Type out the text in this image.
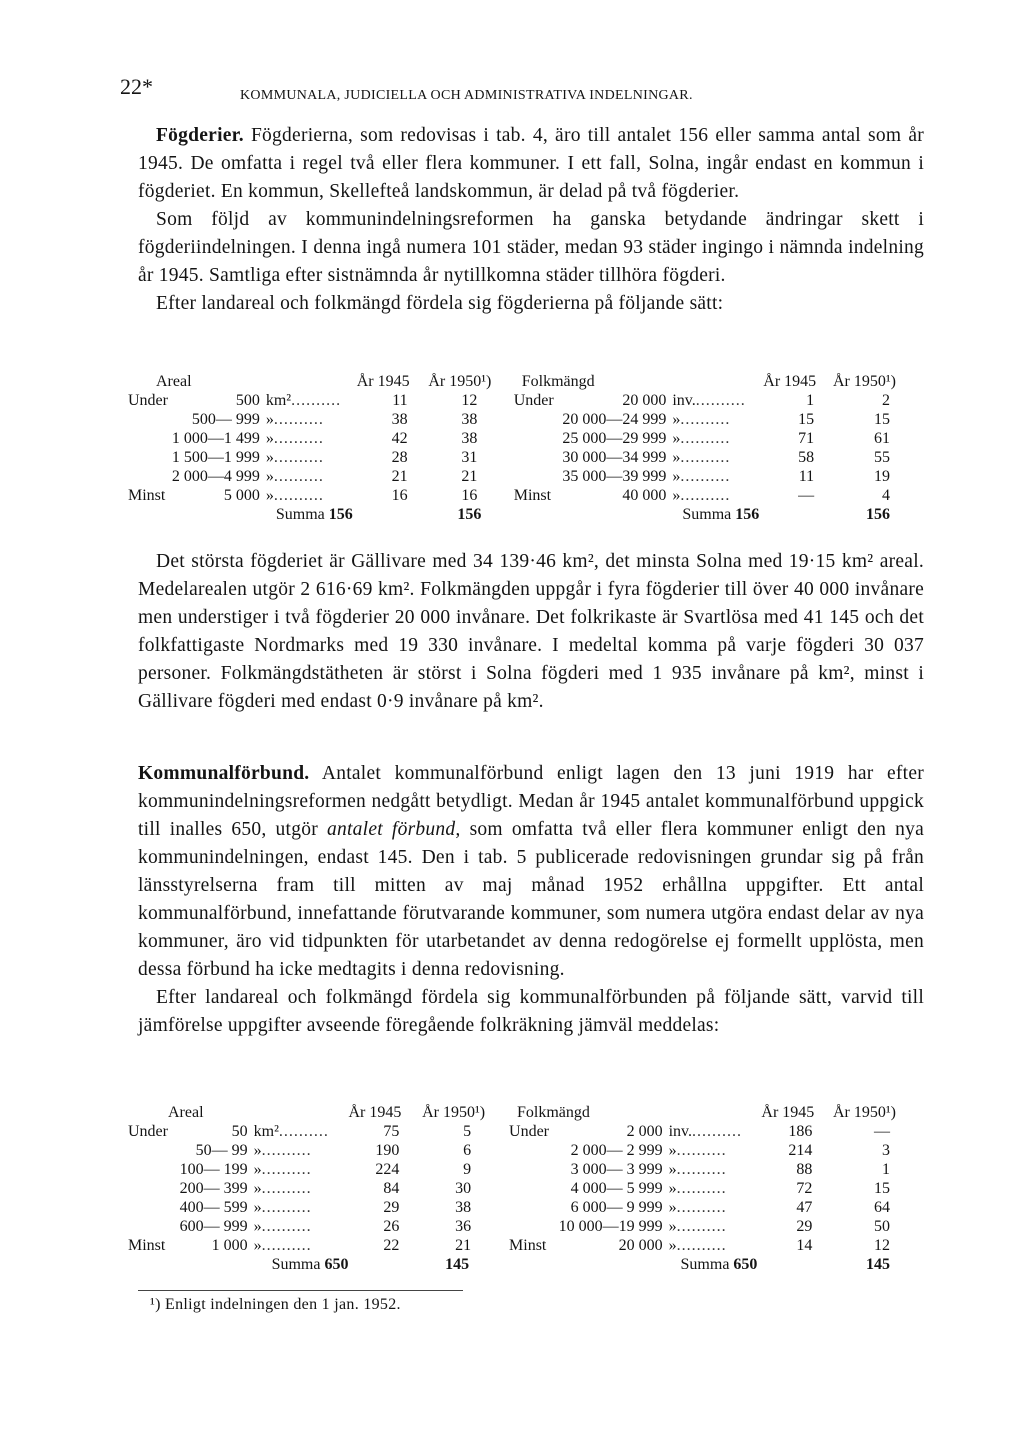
22*	KOMMUNALA, JUDICIELLA OCH ADMINISTRATIVA INDELNINGAR.

Fögderier. Fögderierna, som redovisas i tab. 4, äro till antalet 156 eller samma antal som år 1945. De omfatta i regel två eller flera kommuner. I ett fall, Solna, ingår endast en kommun i fögderiet. En kommun, Skellefteå landskommun, är delad på två fögderier.

Som följd av kommunindelningsreformen ha ganska betydande ändringar skett i fögderiindelningen. I denna ingå numera 101 städer, medan 93 städer ingingo i nämnda indelning år 1945. Samtliga efter sistnämnda år nytillkomna städer tillhöra fögderi.

Efter landareal och folkmängd fördela sig fögderierna på följande sätt:

Areal			År 1945	År 1950¹)		Folkmängd			År 1945	År 1950¹)
Under	500	km²..........	11	12		Under	20 000	inv...........	1	2
	500— 999	»..........	38	38			20 000—24 999	»..........	15	15
	1 000—1 499	»..........	42	38			25 000—29 999	»..........	71	61
	1 500—1 999	»..........	28	31			30 000—34 999	»..........	58	55
	2 000—4 999	»..........	21	21			35 000—39 999	»..........	11	19
Minst	5 000	»..........	16	16		Minst	40 000	»..........	—	4
Summa 156				156		Summa 156				156

Det största fögderiet är Gällivare med 34 139·46 km², det minsta Solna med 19·15 km² areal. Medelarealen utgör 2 616·69 km². Folkmängden uppgår i fyra fögderier till över 40 000 invånare men understiger i två fögderier 20 000 invånare. Det folkrikaste är Svartlösa med 41 145 och det folkfattigaste Nordmarks med 19 330 invånare. I medeltal komma på varje fögderi 30 037 personer. Folkmängdstätheten är störst i Solna fögderi med 1 935 invånare på km², minst i Gällivare fögderi med endast 0·9 invånare på km².

Kommunalförbund. Antalet kommunalförbund enligt lagen den 13 juni 1919 har efter kommunindelningsreformen nedgått betydligt. Medan år 1945 antalet kommunalförbund uppgick till inalles 650, utgör antalet förbund, som omfatta två eller flera kommuner enligt den nya kommunindelningen, endast 145. Den i tab. 5 publicerade redovisningen grundar sig på från länsstyrelserna fram till mitten av maj månad 1952 erhållna uppgifter. Ett antal kommunalförbund, innefattande förutvarande kommuner, som numera utgöra endast delar av nya kommuner, äro vid tidpunkten för utarbetandet av denna redogörelse ej formellt upplösta, men dessa förbund ha icke medtagits i denna redovisning.

Efter landareal och folkmängd fördela sig kommunalförbunden på följande sätt, varvid till jämförelse uppgifter avseende föregående folkräkning jämväl meddelas:

Areal			År 1945	År 1950¹)		Folkmängd			År 1945	År 1950¹)
Under	50	km²..........	75	5		Under	2 000	inv...........	186	—
	50— 99	»..........	190	6			2 000— 2 999	»..........	214	3
	100— 199	»..........	224	9			3 000— 3 999	»..........	88	1
	200— 399	»..........	84	30			4 000— 5 999	»..........	72	15
	400— 599	»..........	29	38			6 000— 9 999	»..........	47	64
	600— 999	»..........	26	36			10 000—19 999	»..........	29	50
Minst	1 000	»..........	22	21		Minst	20 000	»..........	14	12
Summa 650				145		Summa 650				145
¹) Enligt indelningen den 1 jan. 1952.
